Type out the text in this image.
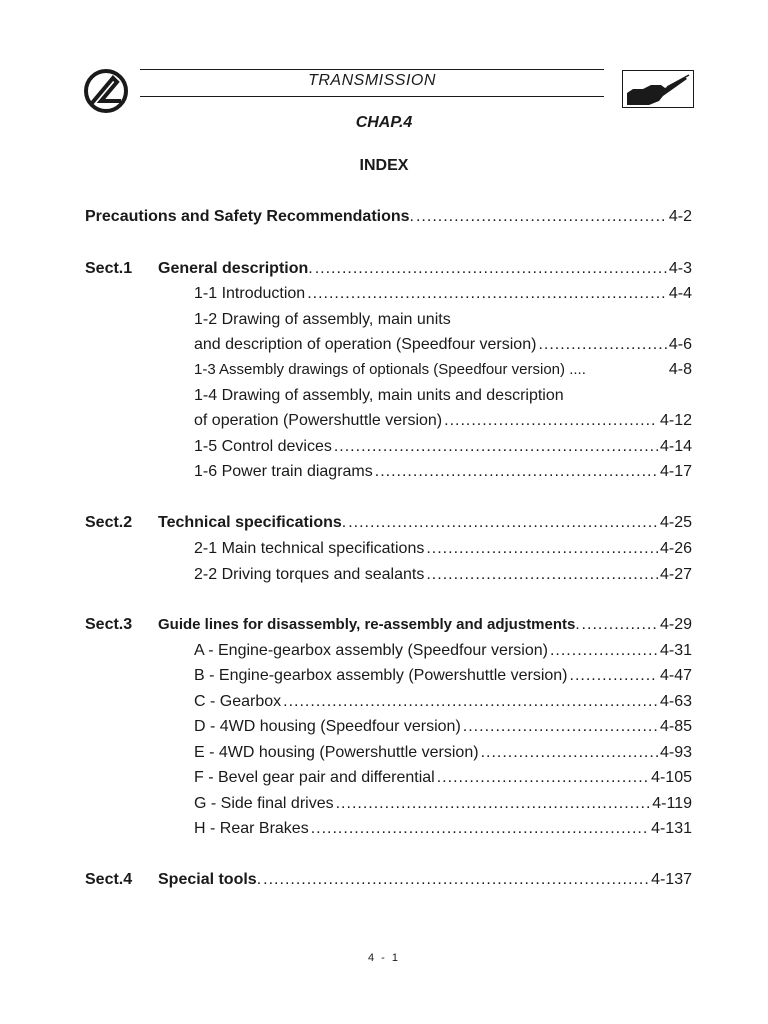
TRANSMISSION
CHAP.4
INDEX
Precautions and Safety Recommendations. .....	4-2
Sect.1 General description. .....	4-3
1-1 Introduction .....	4-4
1-2 Drawing of assembly, main units
and description of operation (Speedfour version) .....	4-6
1-3 Assembly drawings of optionals (Speedfour version) ....	4-8
1-4 Drawing of assembly, main units and description
of operation (Powershuttle version) .....	4-12
1-5 Control devices .....	4-14
1-6 Power train diagrams .....	4-17
Sect.2 Technical specifications. .....	4-25
2-1 Main technical specifications .....	4-26
2-2 Driving torques and sealants .....	4-27
Sect.3 Guide lines for disassembly, re-assembly and adjustments. .....	4-29
A - Engine-gearbox assembly (Speedfour version) .....	4-31
B - Engine-gearbox assembly (Powershuttle version) .....	4-47
C - Gearbox .....	4-63
D - 4WD housing (Speedfour version) .....	4-85
E - 4WD housing (Powershuttle version) .....	4-93
F - Bevel gear pair and differential .....	4-105
G - Side final drives .....	4-119
H - Rear Brakes .....	4-131
Sect.4 Special tools. .....	4-137
4 - 1
